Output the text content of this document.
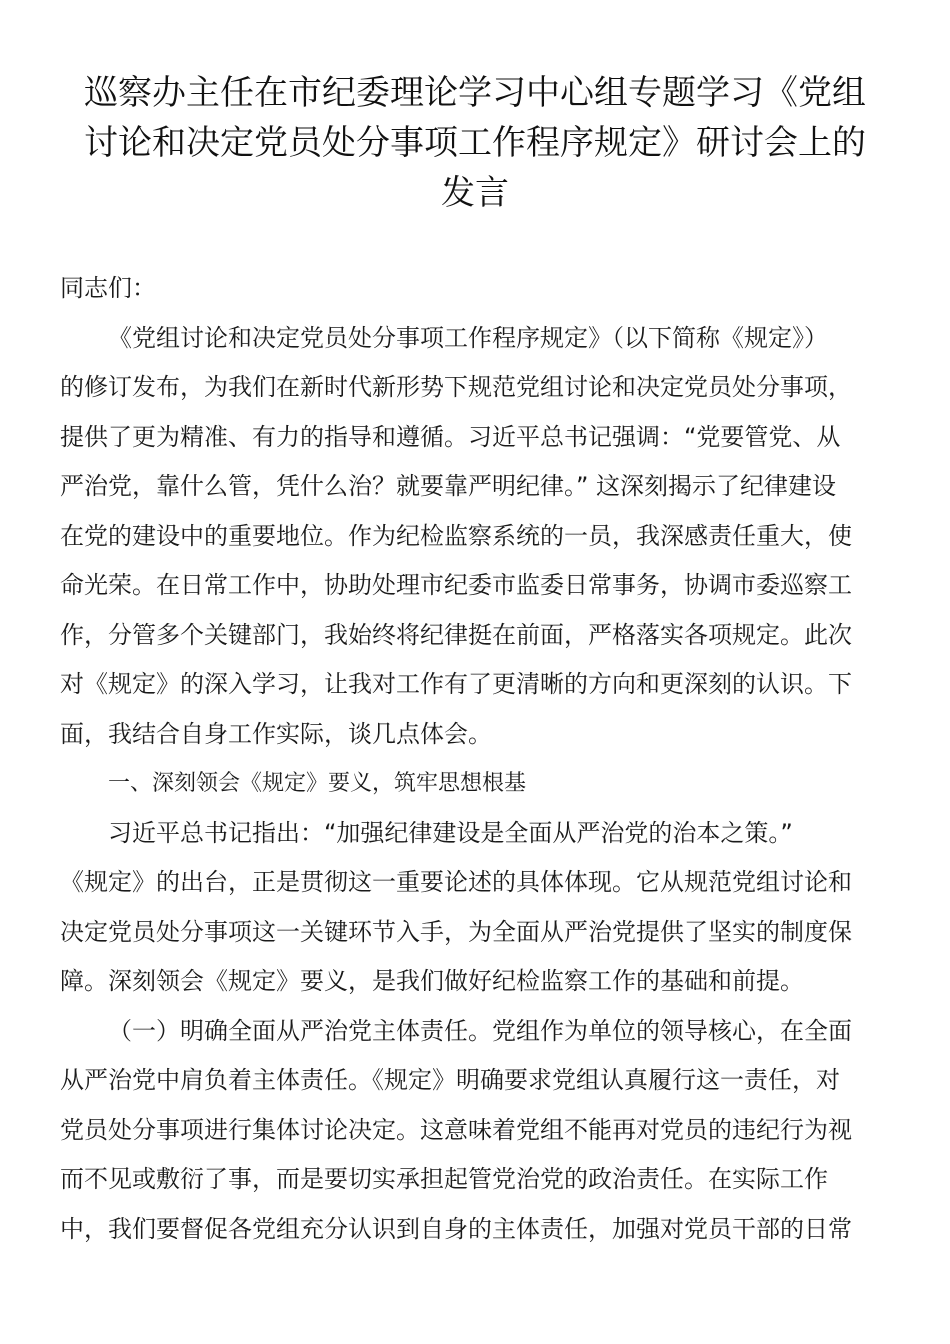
巡察办主任在市纪委理论学习中心组专题学习《党组
讨论和决定党员处分事项工作程序规定》研讨会上的
发言
同志们：
《党组讨论和决定党员处分事项工作程序规定》（以下简称《规定》）
的修订发布，为我们在新时代新形势下规范党组讨论和决定党员处分事项，
提供了更为精准、有力的指导和遵循。习近平总书记强调：“党要管党、从
严治党，靠什么管，凭什么治？就要靠严明纪律。” 这深刻揭示了纪律建设
在党的建设中的重要地位。作为纪检监察系统的一员，我深感责任重大，使
命光荣。在日常工作中，协助处理市纪委市监委日常事务，协调市委巡察工
作，分管多个关键部门，我始终将纪律挺在前面，严格落实各项规定。此次
对《规定》的深入学习，让我对工作有了更清晰的方向和更深刻的认识。下
面，我结合自身工作实际，谈几点体会。
一、深刻领会《规定》要义，筑牢思想根基
习近平总书记指出：“加强纪律建设是全面从严治党的治本之策。”
《规定》的出台，正是贯彻这一重要论述的具体体现。它从规范党组讨论和
决定党员处分事项这一关键环节入手，为全面从严治党提供了坚实的制度保
障。深刻领会《规定》要义，是我们做好纪检监察工作的基础和前提。
（一）明确全面从严治党主体责任。党组作为单位的领导核心，在全面
从严治党中肩负着主体责任。《规定》明确要求党组认真履行这一责任，对
党员处分事项进行集体讨论决定。这意味着党组不能再对党员的违纪行为视
而不见或敷衍了事，而是要切实承担起管党治党的政治责任。在实际工作
中，我们要督促各党组充分认识到自身的主体责任，加强对党员干部的日常
